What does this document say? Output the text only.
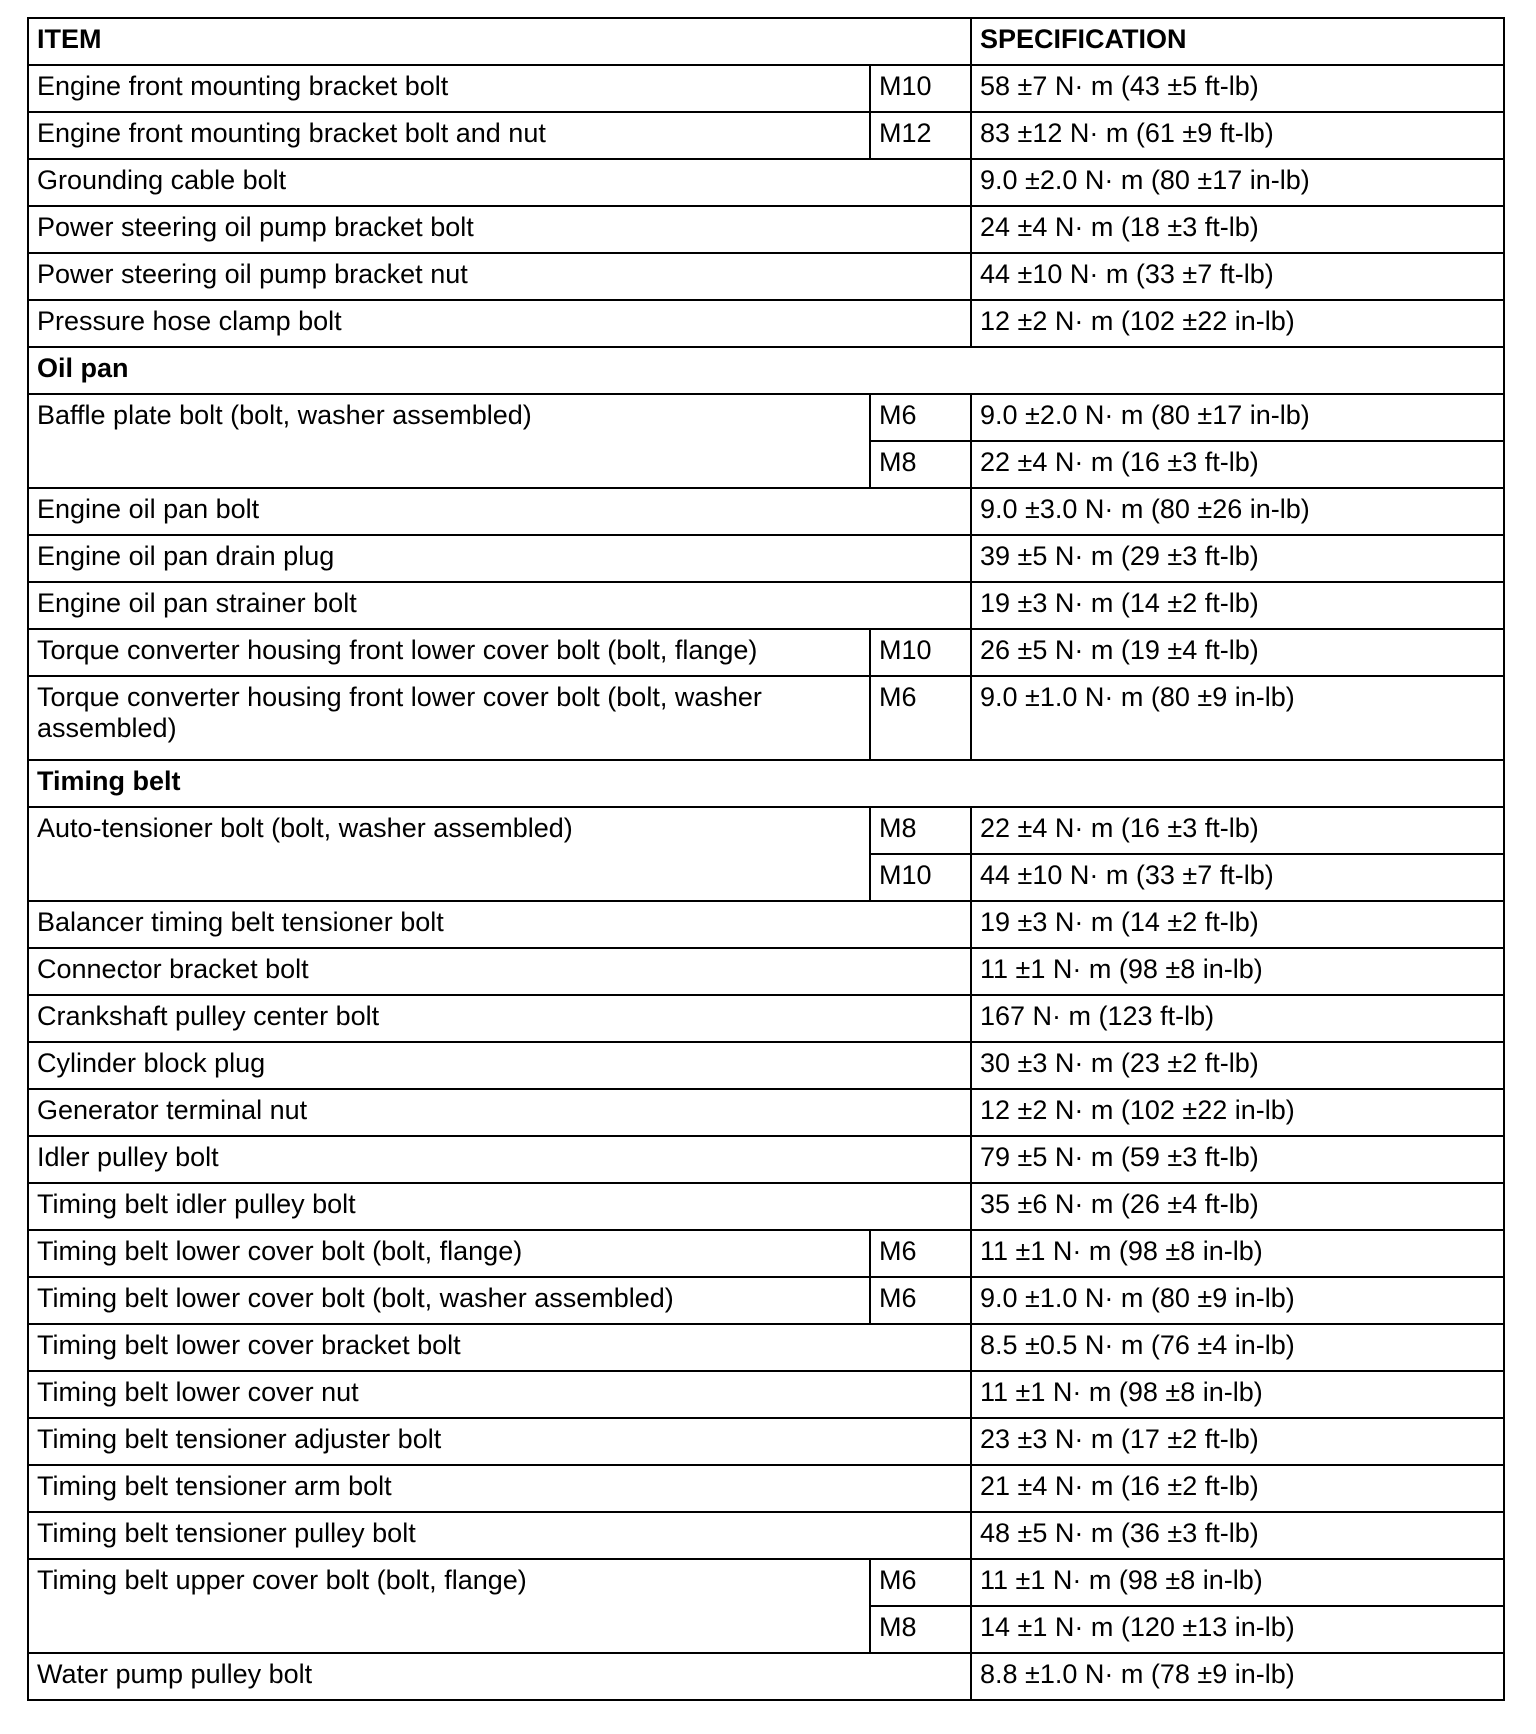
ITEM		SPECIFICATION
Engine front mounting bracket bolt	M10	58 ±7 N· m (43 ±5 ft-lb)
Engine front mounting bracket bolt and nut	M12	83 ±12 N· m (61 ±9 ft-lb)
Grounding cable bolt		9.0 ±2.0 N· m (80 ±17 in-lb)
Power steering oil pump bracket bolt		24 ±4 N· m (18 ±3 ft-lb)
Power steering oil pump bracket nut		44 ±10 N· m (33 ±7 ft-lb)
Pressure hose clamp bolt		12 ±2 N· m (102 ±22 in-lb)
Oil pan		
Baffle plate bolt (bolt, washer assembled)	M6	9.0 ±2.0 N· m (80 ±17 in-lb)
	M8	22 ±4 N· m (16 ±3 ft-lb)
Engine oil pan bolt		9.0 ±3.0 N· m (80 ±26 in-lb)
Engine oil pan drain plug		39 ±5 N· m (29 ±3 ft-lb)
Engine oil pan strainer bolt		19 ±3 N· m (14 ±2 ft-lb)
Torque converter housing front lower cover bolt (bolt, flange)	M10	26 ±5 N· m (19 ±4 ft-lb)
Torque converter housing front lower cover bolt (bolt, washer assembled)	M6	9.0 ±1.0 N· m (80 ±9 in-lb)
Timing belt		
Auto-tensioner bolt (bolt, washer assembled)	M8	22 ±4 N· m (16 ±3 ft-lb)
	M10	44 ±10 N· m (33 ±7 ft-lb)
Balancer timing belt tensioner bolt		19 ±3 N· m (14 ±2 ft-lb)
Connector bracket bolt		11 ±1 N· m (98 ±8 in-lb)
Crankshaft pulley center bolt		167 N· m (123 ft-lb)
Cylinder block plug		30 ±3 N· m (23 ±2 ft-lb)
Generator terminal nut		12 ±2 N· m (102 ±22 in-lb)
Idler pulley bolt		79 ±5 N· m (59 ±3 ft-lb)
Timing belt idler pulley bolt		35 ±6 N· m (26 ±4 ft-lb)
Timing belt lower cover bolt (bolt, flange)	M6	11 ±1 N· m (98 ±8 in-lb)
Timing belt lower cover bolt (bolt, washer assembled)	M6	9.0 ±1.0 N· m (80 ±9 in-lb)
Timing belt lower cover bracket bolt		8.5 ±0.5 N· m (76 ±4 in-lb)
Timing belt lower cover nut		11 ±1 N· m (98 ±8 in-lb)
Timing belt tensioner adjuster bolt		23 ±3 N· m (17 ±2 ft-lb)
Timing belt tensioner arm bolt		21 ±4 N· m (16 ±2 ft-lb)
Timing belt tensioner pulley bolt		48 ±5 N· m (36 ±3 ft-lb)
Timing belt upper cover bolt (bolt, flange)	M6	11 ±1 N· m (98 ±8 in-lb)
	M8	14 ±1 N· m (120 ±13 in-lb)
Water pump pulley bolt		8.8 ±1.0 N· m (78 ±9 in-lb)
